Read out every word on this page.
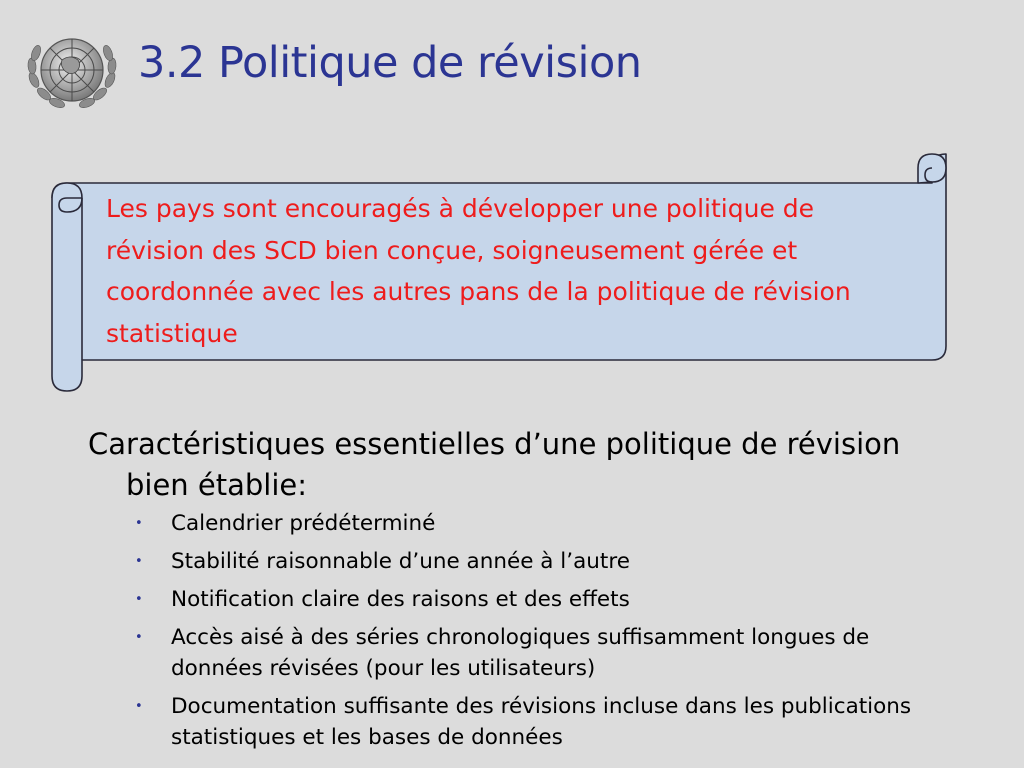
3.2 Politique de révision
Les pays sont encouragés à développer une politique de révision des SCD bien conçue, soigneusement gérée et coordonnée avec les autres pans de la politique de révision statistique
Caractéristiques essentielles d’une politique de révision bien établie:
• Calendrier prédéterminé
• Stabilité raisonnable d’une année à l’autre
• Notification claire des raisons et des effets
• Accès aisé à des séries chronologiques suffisamment longues de données révisées (pour les utilisateurs)
• Documentation suffisante des révisions incluse dans les publications statistiques et les bases de données
